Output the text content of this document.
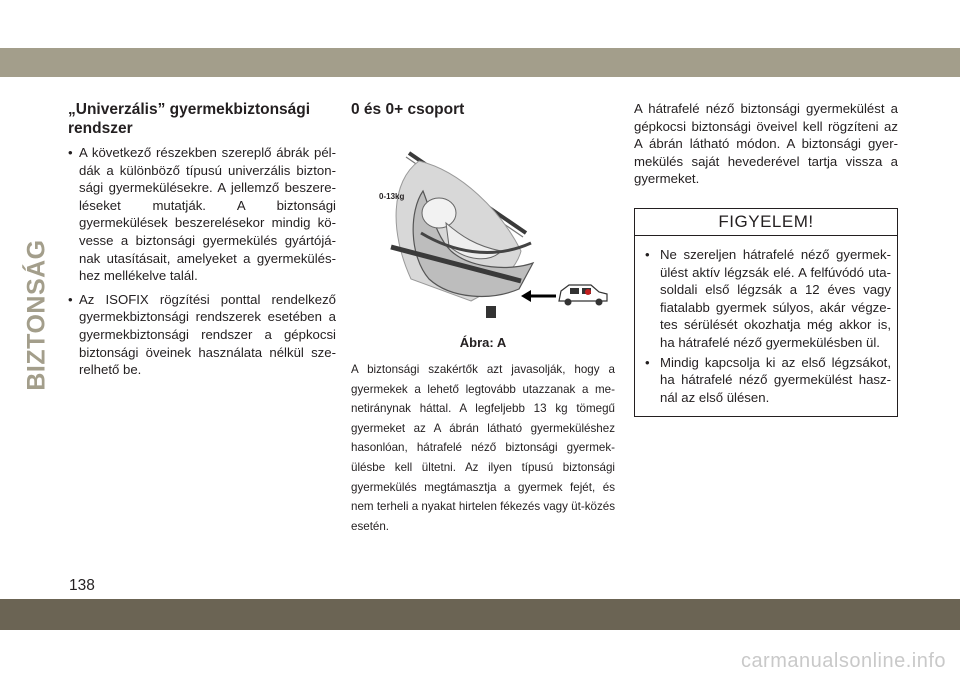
BIZTONSÁG
„Univerzális” gyermekbiztonsági rendszer
• A következő részekben szereplő ábrák pél-dák a különböző típusú univerzális bizton-sági gyermekülésekre. A jellemző beszere-léseket mutatják. A biztonsági gyermekülések beszerelésekor mindig kö-vesse a biztonsági gyermekülés gyártójá-nak utasításait, amelyeket a gyermekülés-hez mellékelve talál.
• Az ISOFIX rögzítési ponttal rendelkező gyermekbiztonsági rendszerek esetében a gyermekbiztonsági rendszer a gépkocsi biztonsági öveinek használata nélkül sze-relhető be.
0 és 0+ csoport
0-13kg
Ábra: A

A biztonsági szakértők azt javasolják, hogy a gyermekek a lehető legtovább utazzanak a me-netiránynak háttal. A legfeljebb 13 kg tömegű gyermeket az A ábrán látható gyermeküléshez hasonlóan, hátrafelé néző biztonsági gyermek-ülésbe kell ültetni. Az ilyen típusú biztonsági gyermekülés megtámasztja a gyermek fejét, és nem terheli a nyakat hirtelen fékezés vagy üt-közés esetén.

A hátrafelé néző biztonsági gyermekülést a gépkocsi biztonsági öveivel kell rögzíteni az A ábrán látható módon. A biztonsági gyer-mekülés saját hevederével tartja vissza a gyermeket.

FIGYELEM!
• Ne szereljen hátrafelé néző gyermek-ülést aktív légzsák elé. A felfúvódó uta-soldali első légzsák a 12 éves vagy fiatalabb gyermek súlyos, akár végze-tes sérülését okozhatja még akkor is, ha hátrafelé néző gyermekülésben ül.
• Mindig kapcsolja ki az első légzsákot, ha hátrafelé néző gyermekülést hasz-nál az első ülésen.
138
carmanualsonline.info
